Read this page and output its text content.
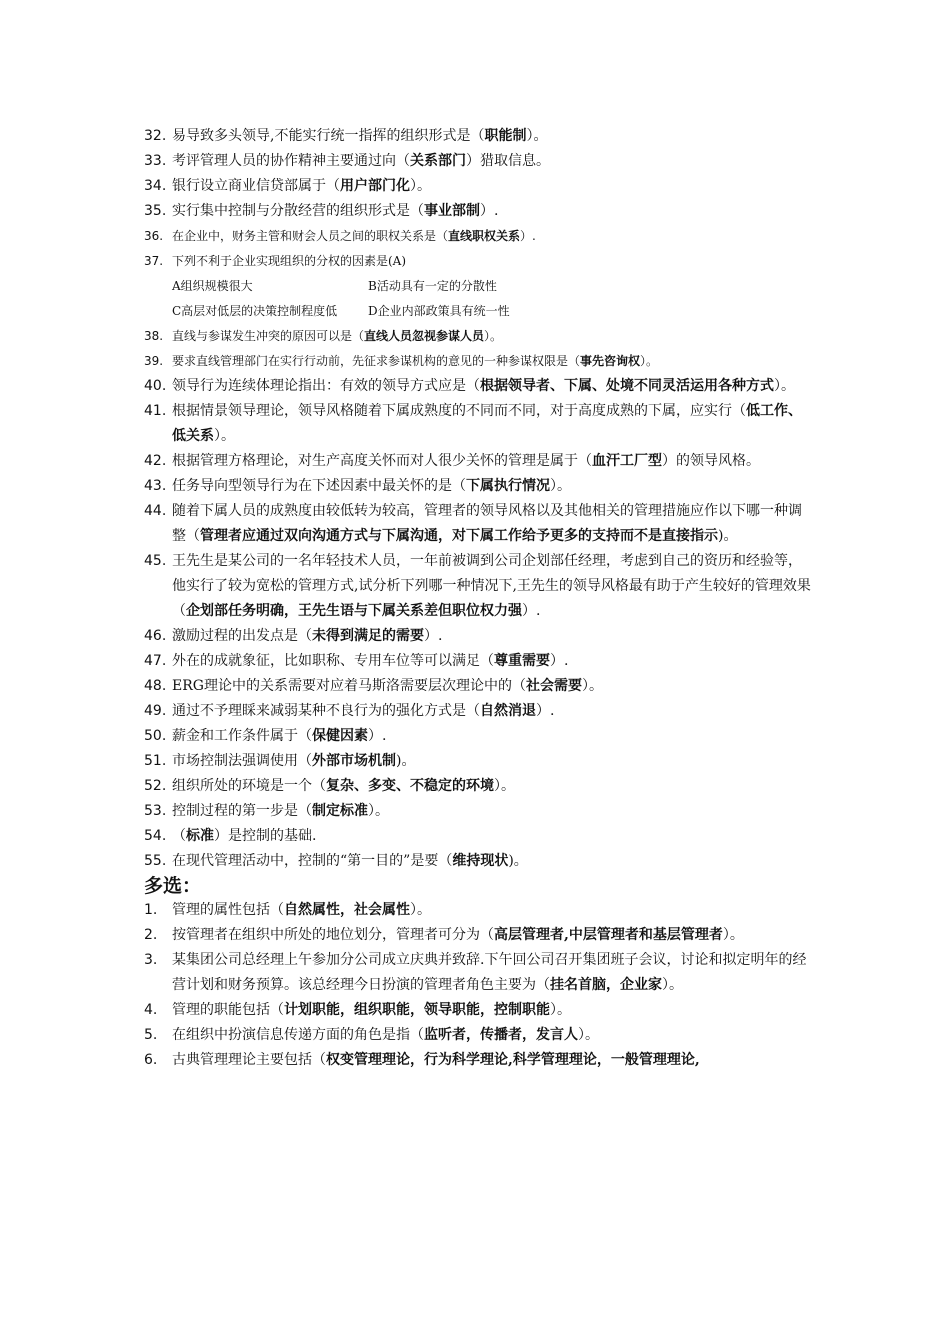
32. 易导致多头领导,不能实行统一指挥的组织形式是（职能制）。
33. 考评管理人员的协作精神主要通过向（关系部门）猎取信息。
34. 银行设立商业信贷部属于（用户部门化）。
35. 实行集中控制与分散经营的组织形式是（事业部制）.
36. 在企业中，财务主管和财会人员之间的职权关系是（直线职权关系）.
37. 下列不利于企业实现组织的分权的因素是(A)
A组织规模很大	B活动具有一定的分散性
C高层对低层的决策控制程度低	D企业内部政策具有统一性
38. 直线与参谋发生冲突的原因可以是（直线人员忽视参谋人员）。
39. 要求直线管理部门在实行行动前，先征求参谋机构的意见的一种参谋权限是（事先咨询权）。
40. 领导行为连续体理论指出：有效的领导方式应是（根据领导者、下属、处境不同灵活运用各种方式）。
41. 根据情景领导理论，领导风格随着下属成熟度的不同而不同，对于高度成熟的下属，应实行（低工作、低关系）。
42. 根据管理方格理论，对生产高度关怀而对人很少关怀的管理是属于（血汗工厂型）的领导风格。
43. 任务导向型领导行为在下述因素中最关怀的是（下属执行情况）。
44. 随着下属人员的成熟度由较低转为较高，管理者的领导风格以及其他相关的管理措施应作以下哪一种调整（管理者应通过双向沟通方式与下属沟通，对下属工作给予更多的支持而不是直接指示)。
45. 王先生是某公司的一名年轻技术人员，一年前被调到公司企划部任经理，考虑到自己的资历和经验等，他实行了较为宽松的管理方式,试分析下列哪一种情况下,王先生的领导风格最有助于产生较好的管理效果（企划部任务明确，王先生语与下属关系差但职位权力强）.
46. 激励过程的出发点是（未得到满足的需要）.
47. 外在的成就象征，比如职称、专用车位等可以满足（尊重需要）.
48. ERG理论中的关系需要对应着马斯洛需要层次理论中的（社会需要）。
49. 通过不予理睬来减弱某种不良行为的强化方式是（自然消退）.
50. 薪金和工作条件属于（保健因素）.
51. 市场控制法强调使用（外部市场机制)。
52. 组织所处的环境是一个（复杂、多变、不稳定的环境）。
53. 控制过程的第一步是（制定标准）。
54. （标准）是控制的基础.
55. 在现代管理活动中，控制的“第一目的”是要（维持现状)。
多选：
1. 管理的属性包括（自然属性，社会属性）。
2. 按管理者在组织中所处的地位划分，管理者可分为（高层管理者,中层管理者和基层管理者）。
3. 某集团公司总经理上午参加分公司成立庆典并致辞.下午回公司召开集团班子会议，讨论和拟定明年的经营计划和财务预算。该总经理今日扮演的管理者角色主要为（挂名首脑，企业家）。
4. 管理的职能包括（计划职能，组织职能，领导职能，控制职能）。
5. 在组织中扮演信息传递方面的角色是指（监听者，传播者，发言人）。
6. 古典管理理论主要包括（权变管理理论，行为科学理论,科学管理理论，一般管理理论,
